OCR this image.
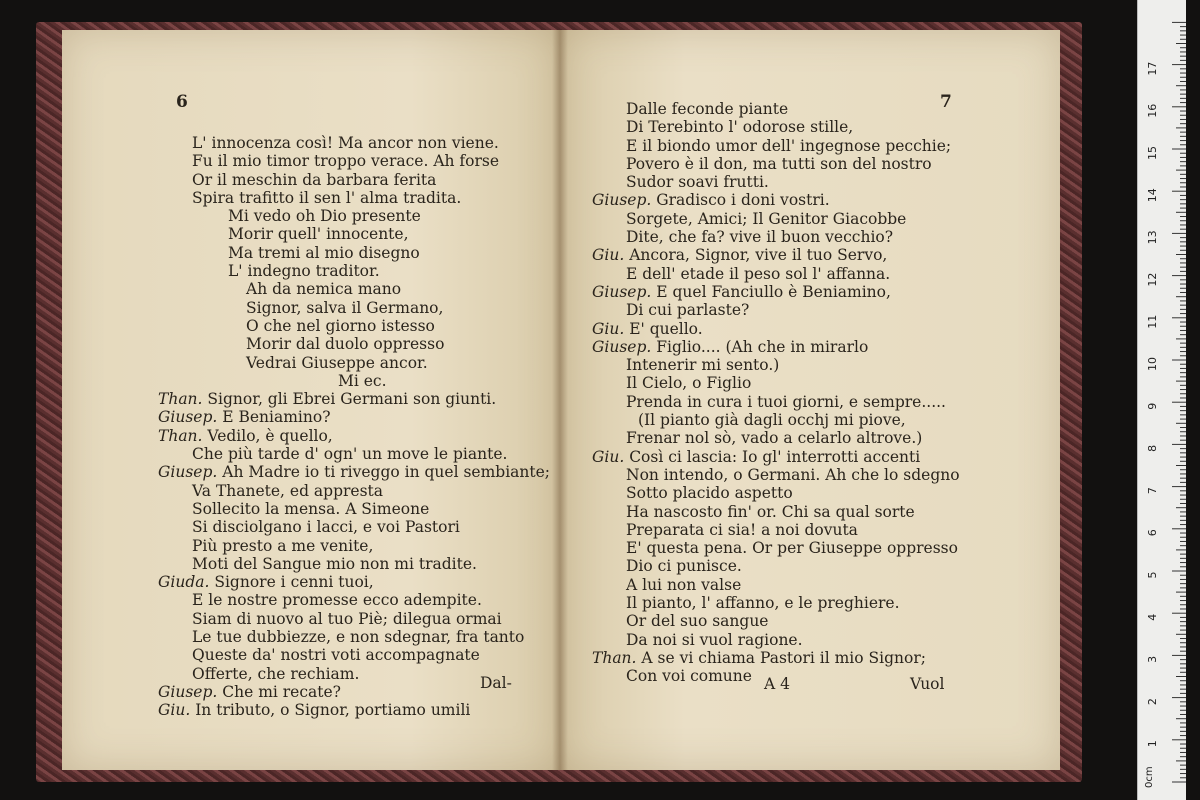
6
L' innocenza così! Ma ancor non viene.
Fu il mio timor troppo verace. Ah forse
Or il meschin da barbara ferita
Spira trafitto il sen l' alma tradita.
Mi vedo oh Dio presente
Morir quell' innocente,
Ma tremi al mio disegno
L' indegno traditor.
Ah da nemica mano
Signor, salva il Germano,
O che nel giorno istesso
Morir dal duolo oppresso
Vedrai Giuseppe ancor.
Mi ec.
Than. Signor, gli Ebrei Germani son giunti.
Giusep. E Beniamino?
Than. Vedilo, è quello,
Che più tarde d' ogn' un move le piante.
Giusep. Ah Madre io ti riveggo in quel sembiante;
Va Thanete, ed appresta
Sollecito la mensa. A Simeone
Si disciolgano i lacci, e voi Pastori
Più presto a me venite,
Moti del Sangue mio non mi tradite.
Giuda. Signore i cenni tuoi,
E le nostre promesse ecco adempite.
Siam di nuovo al tuo Piè; dilegua ormai
Le tue dubbiezze, e non sdegnar, fra tanto
Queste da' nostri voti accompagnate
Offerte, che rechiam.
Giusep. Che mi recate?
Giu. In tributo, o Signor, portiamo umili
Dal-
7
Dalle feconde piante
Di Terebinto l' odorose stille,
E il biondo umor dell' ingegnose pecchie;
Povero è il don, ma tutti son del nostro
Sudor soavi frutti.
Giusep. Gradisco i doni vostri.
Sorgete, Amici; Il Genitor Giacobbe
Dite, che fa? vive il buon vecchio?
Giu. Ancora, Signor, vive il tuo Servo,
E dell' etade il peso sol l' affanna.
Giusep. E quel Fanciullo è Beniamino,
Di cui parlaste?
Giu. E' quello.
Giusep. Figlio.... (Ah che in mirarlo
Intenerir mi sento.)
Il Cielo, o Figlio
Prenda in cura i tuoi giorni, e sempre.....
(Il pianto già dagli occhj mi piove,
Frenar nol sò, vado a celarlo altrove.)
Giu. Così ci lascia: Io gl' interrotti accenti
Non intendo, o Germani. Ah che lo sdegno
Sotto placido aspetto
Ha nascosto fin' or. Chi sa qual sorte
Preparata ci sia! a noi dovuta
E' questa pena. Or per Giuseppe oppresso
Dio ci punisce.
A lui non valse
Il pianto, l' affanno, e le preghiere.
Or del suo sangue
Da noi si vuol ragione.
Than. A se vi chiama Pastori il mio Signor;
Con voi comune A 4	Vuol
0cm
1
2
3
4
5
6
7
8
9
10
11
12
13
14
15
16
17
